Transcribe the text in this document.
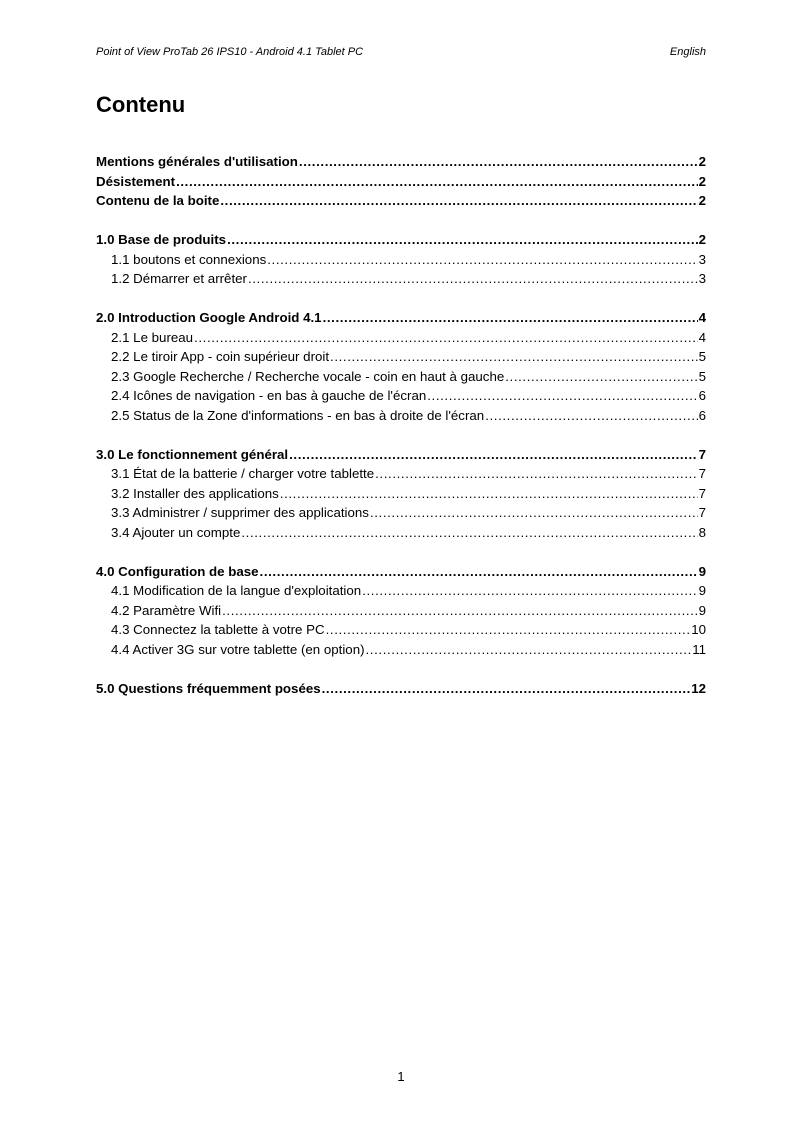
Point of View ProTab 26 IPS10 - Android 4.1 Tablet PC	English
Contenu
Mentions générales d'utilisation .....	2
Désistement .....	2
Contenu de la boite .....	2
1.0 Base de produits .....	2
1.1 boutons et connexions .....	3
1.2 Démarrer et arrêter .....	3
2.0 Introduction Google Android 4.1 .....	4
2.1 Le bureau .....	4
2.2 Le tiroir App - coin supérieur droit .....	5
2.3 Google Recherche / Recherche vocale - coin en haut à gauche .....	5
2.4 Icônes de navigation - en bas à gauche de l'écran .....	6
2.5 Status de la Zone d'informations - en bas à droite de l'écran .....	6
3.0 Le fonctionnement général .....	7
3.1 État de la batterie / charger votre tablette .....	7
3.2 Installer des applications .....	7
3.3 Administrer / supprimer des applications .....	7
3.4 Ajouter un compte .....	8
4.0 Configuration de base .....	9
4.1 Modification de la langue d'exploitation .....	9
4.2 Paramètre Wifi .....	9
4.3 Connectez la tablette à votre PC .....	10
4.4 Activer 3G sur votre tablette (en option) .....	11
5.0 Questions fréquemment posées .....	12
1
